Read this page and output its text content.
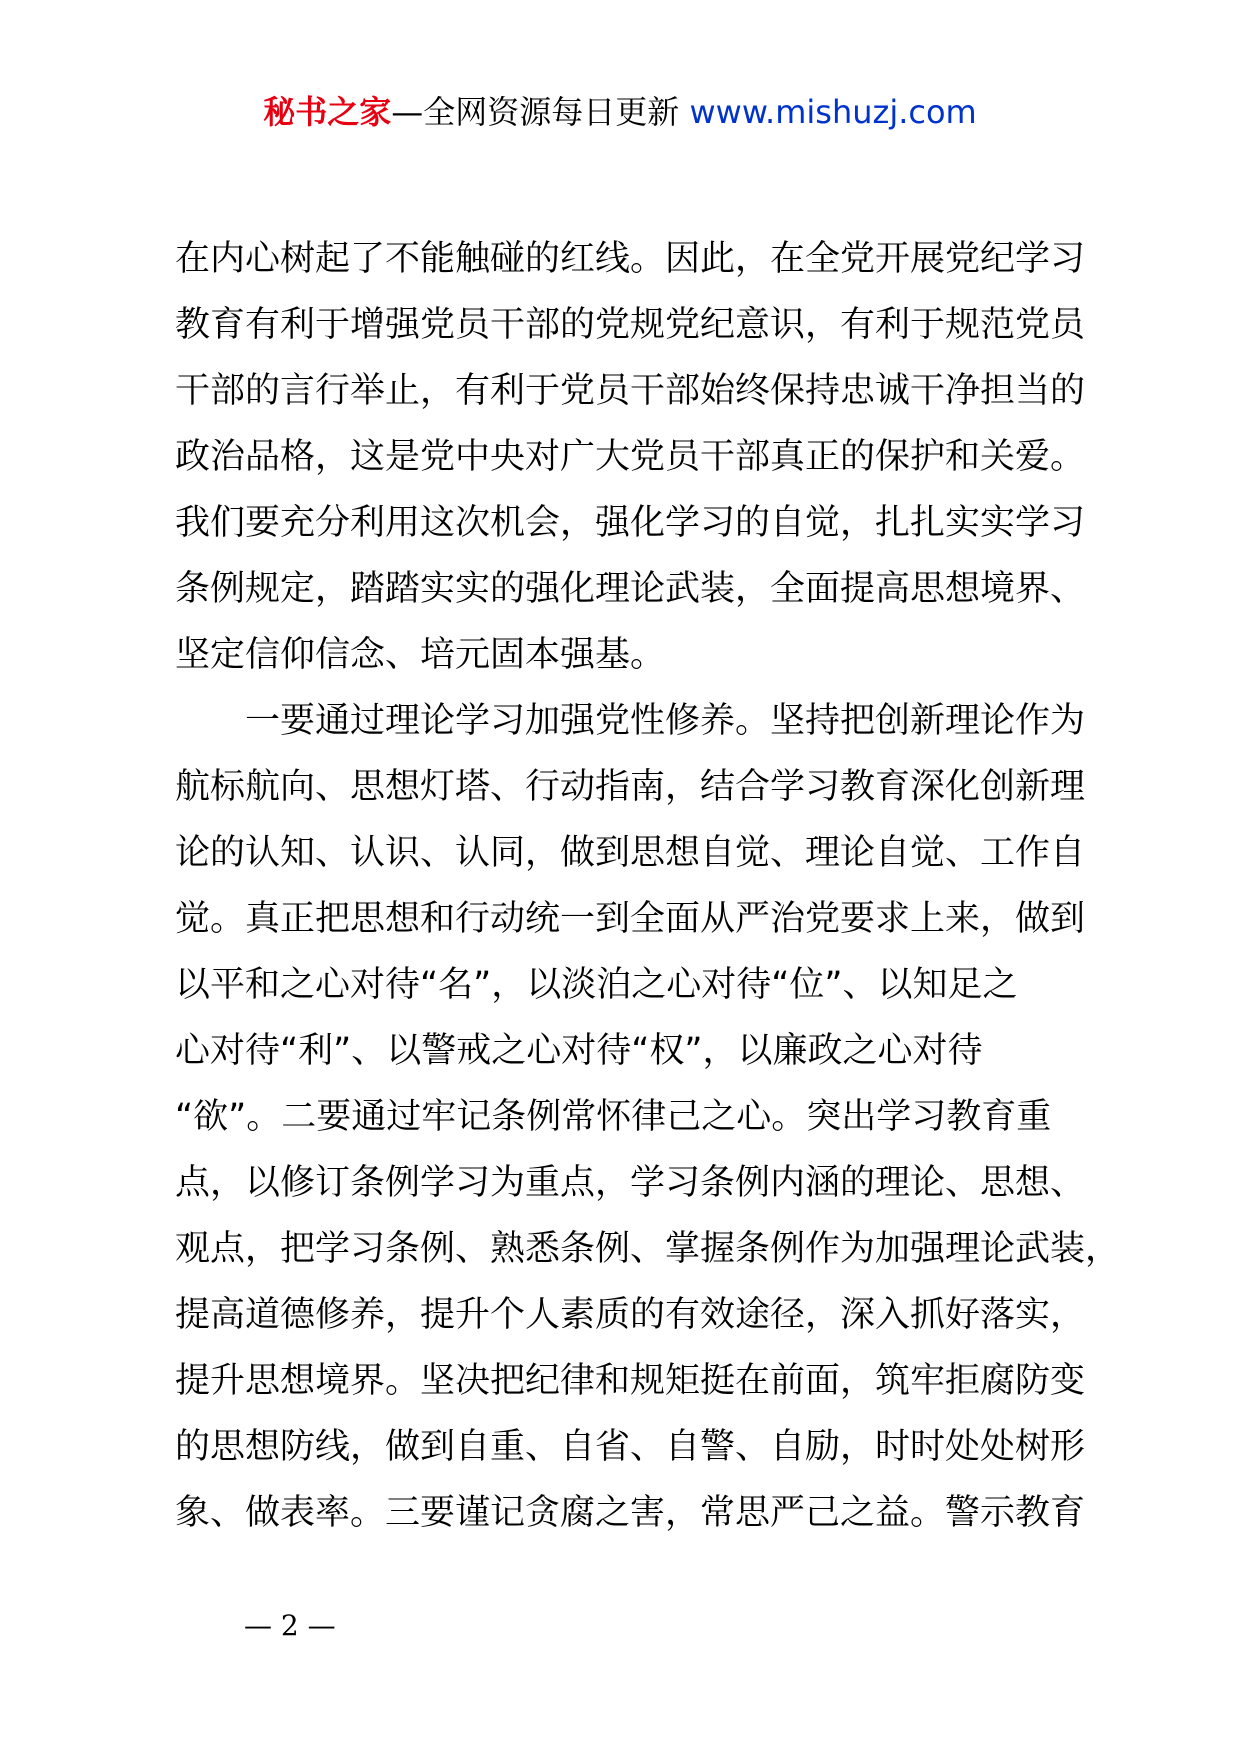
秘书之家—全网资源每日更新 www.mishuzj.com
在内心树起了不能触碰的红线。因此，在全党开展党纪学习
教育有利于增强党员干部的党规党纪意识，有利于规范党员
干部的言行举止，有利于党员干部始终保持忠诚干净担当的
政治品格，这是党中央对广大党员干部真正的保护和关爱。
我们要充分利用这次机会，强化学习的自觉，扎扎实实学习
条例规定，踏踏实实的强化理论武装，全面提高思想境界、
坚定信仰信念、培元固本强基。
　　一要通过理论学习加强党性修养。坚持把创新理论作为
航标航向、思想灯塔、行动指南，结合学习教育深化创新理
论的认知、认识、认同，做到思想自觉、理论自觉、工作自
觉。真正把思想和行动统一到全面从严治党要求上来，做到
以平和之心对待“名”，以淡泊之心对待“位”、以知足之
心对待“利”、以警戒之心对待“权”，以廉政之心对待
“欲”。二要通过牢记条例常怀律己之心。突出学习教育重
点，以修订条例学习为重点，学习条例内涵的理论、思想、
观点，把学习条例、熟悉条例、掌握条例作为加强理论武装，
提高道德修养，提升个人素质的有效途径，深入抓好落实，
提升思想境界。坚决把纪律和规矩挺在前面，筑牢拒腐防变
的思想防线，做到自重、自省、自警、自励，时时处处树形
象、做表率。三要谨记贪腐之害，常思严己之益。警示教育
— 2 —
